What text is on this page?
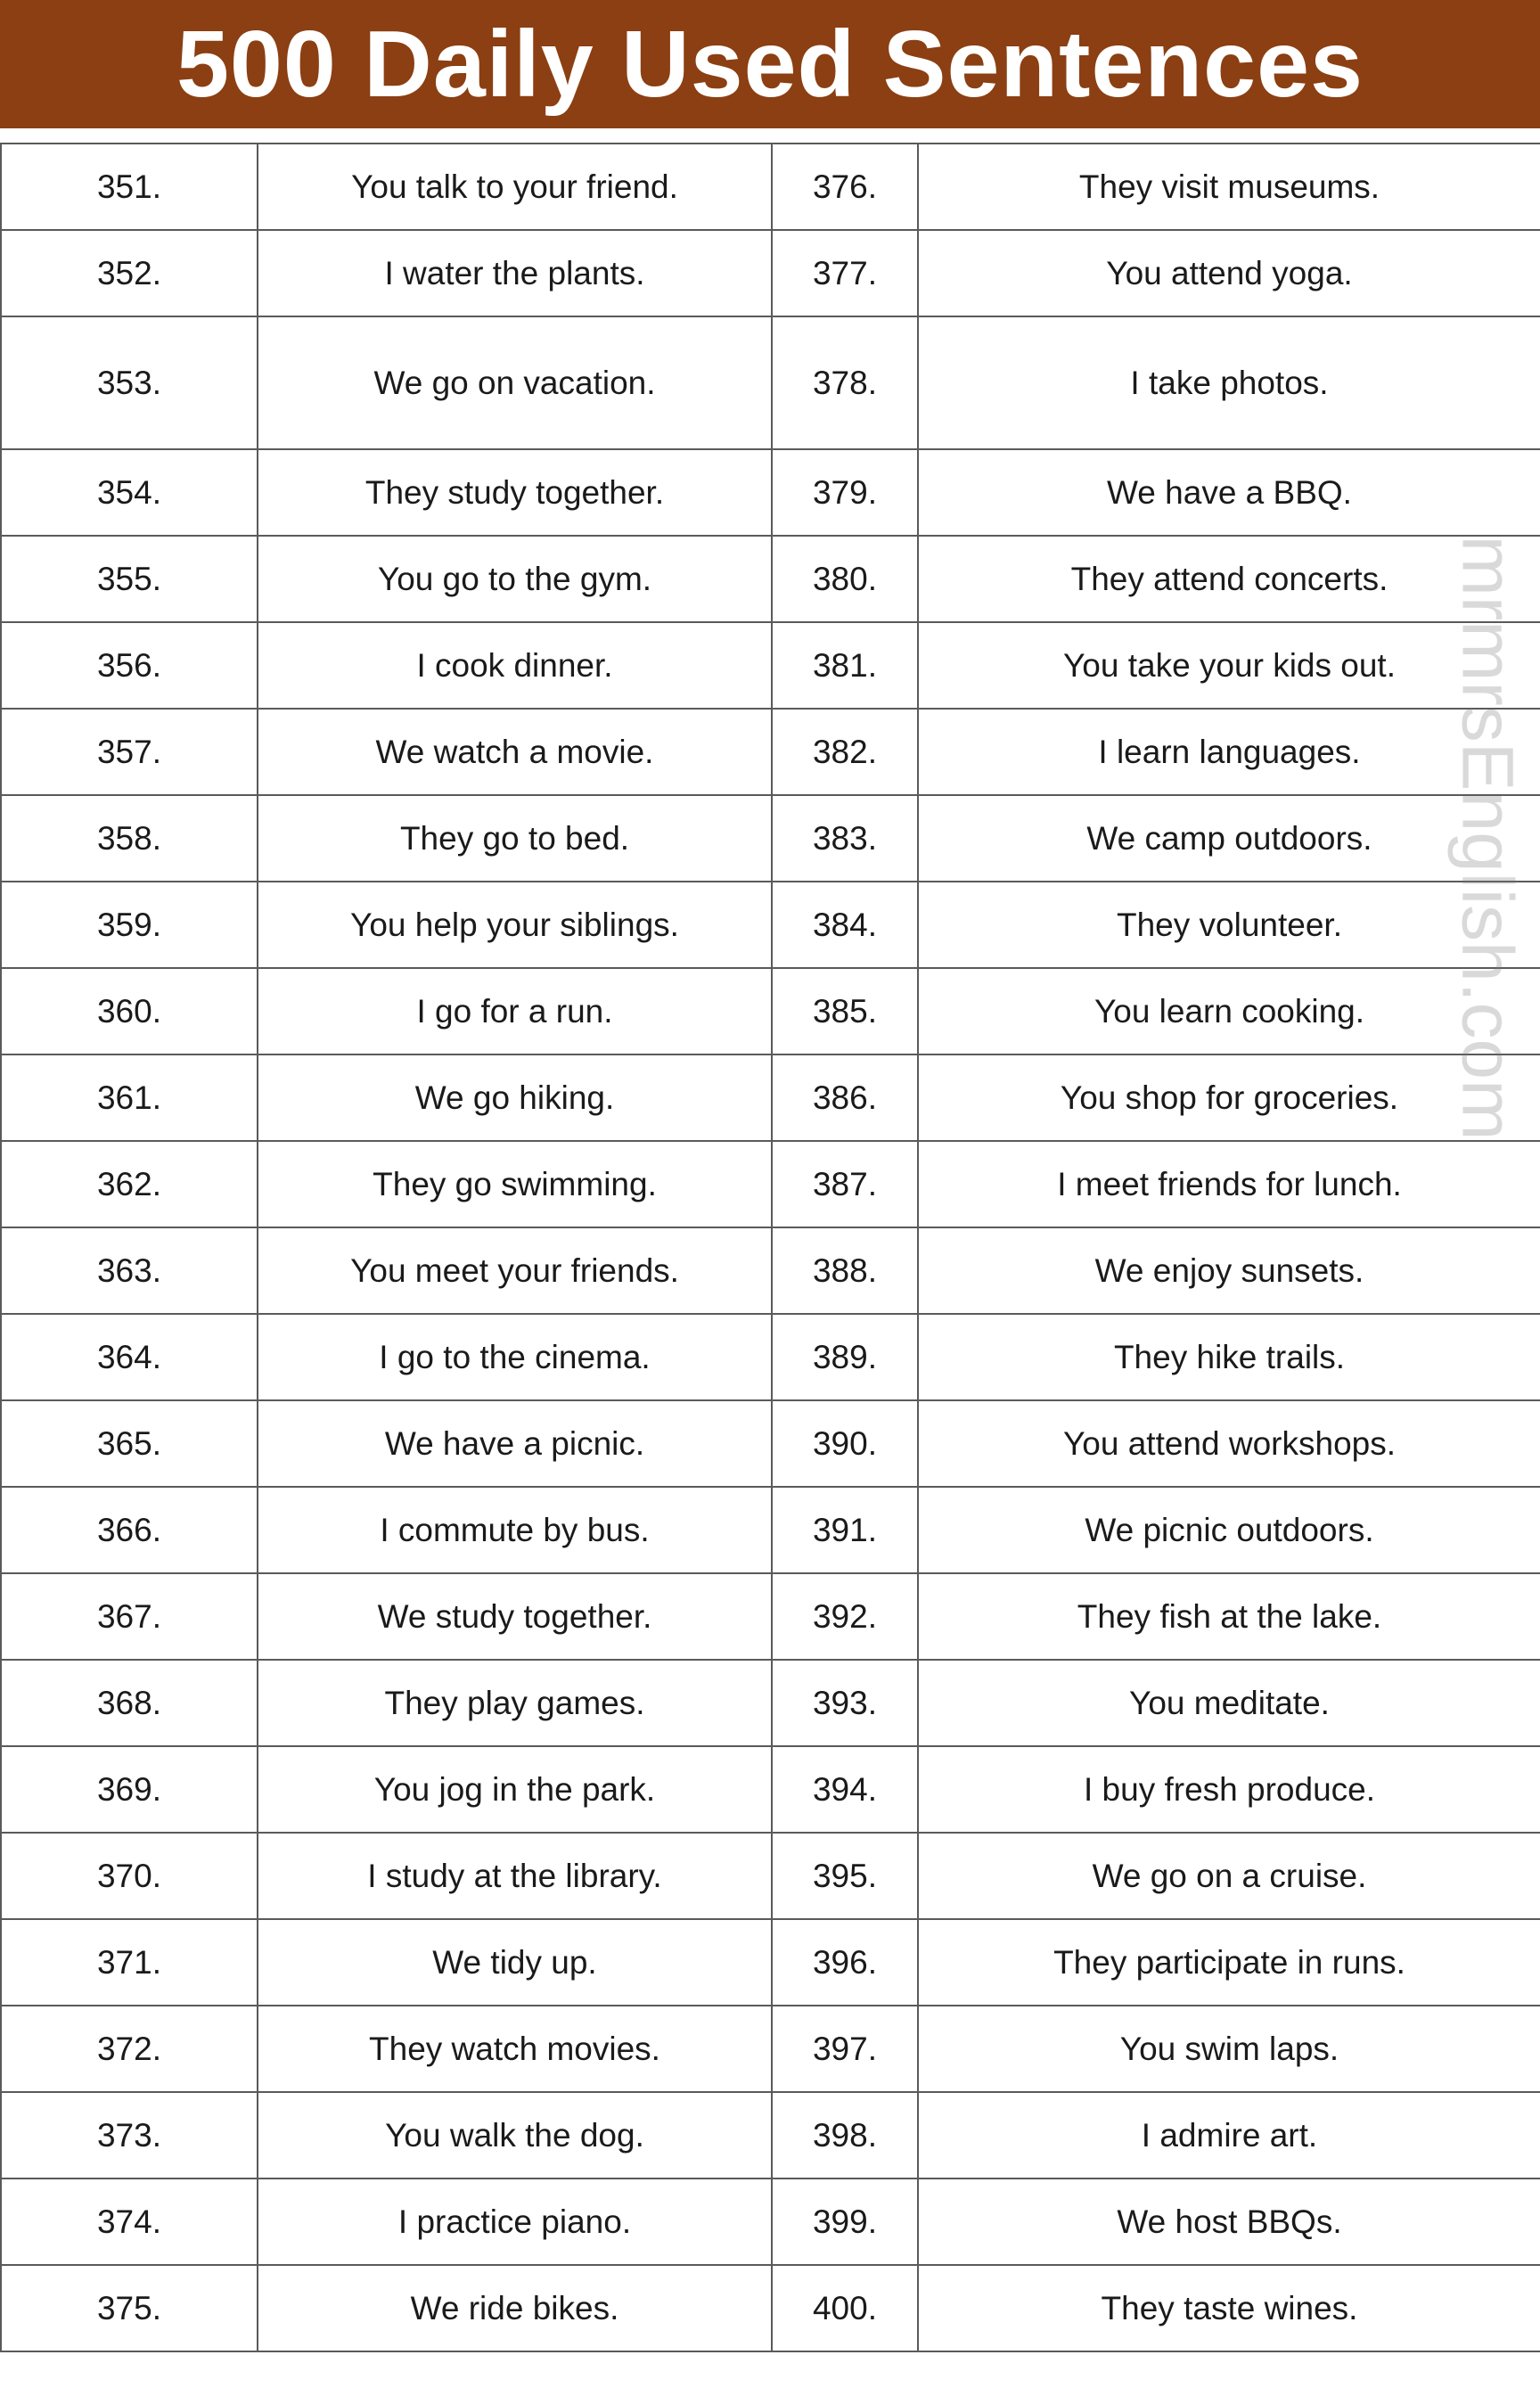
500 Daily Used Sentences
351.	You talk to your friend.	376.	They visit museums.
352.	I water the plants.	377.	You attend yoga.
353.	We go on vacation.	378.	I take photos.
354.	They study together.	379.	We have a BBQ.
355.	You go to the gym.	380.	They attend concerts.
356.	I cook dinner.	381.	You take your kids out.
357.	We watch a movie.	382.	I learn languages.
358.	They go to bed.	383.	We camp outdoors.
359.	You help your siblings.	384.	They volunteer.
360.	I go for a run.	385.	You learn cooking.
361.	We go hiking.	386.	You shop for groceries.
362.	They go swimming.	387.	I meet friends for lunch.
363.	You meet your friends.	388.	We enjoy sunsets.
364.	I go to the cinema.	389.	They hike trails.
365.	We have a picnic.	390.	You attend workshops.
366.	I commute by bus.	391.	We picnic outdoors.
367.	We study together.	392.	They fish at the lake.
368.	They play games.	393.	You meditate.
369.	You jog in the park.	394.	I buy fresh produce.
370.	I study at the library.	395.	We go on a cruise.
371.	We tidy up.	396.	They participate in runs.
372.	They watch movies.	397.	You swim laps.
373.	You walk the dog.	398.	I admire art.
374.	I practice piano.	399.	We host BBQs.
375.	We ride bikes.	400.	They taste wines.
mrmrsEnglish.com
